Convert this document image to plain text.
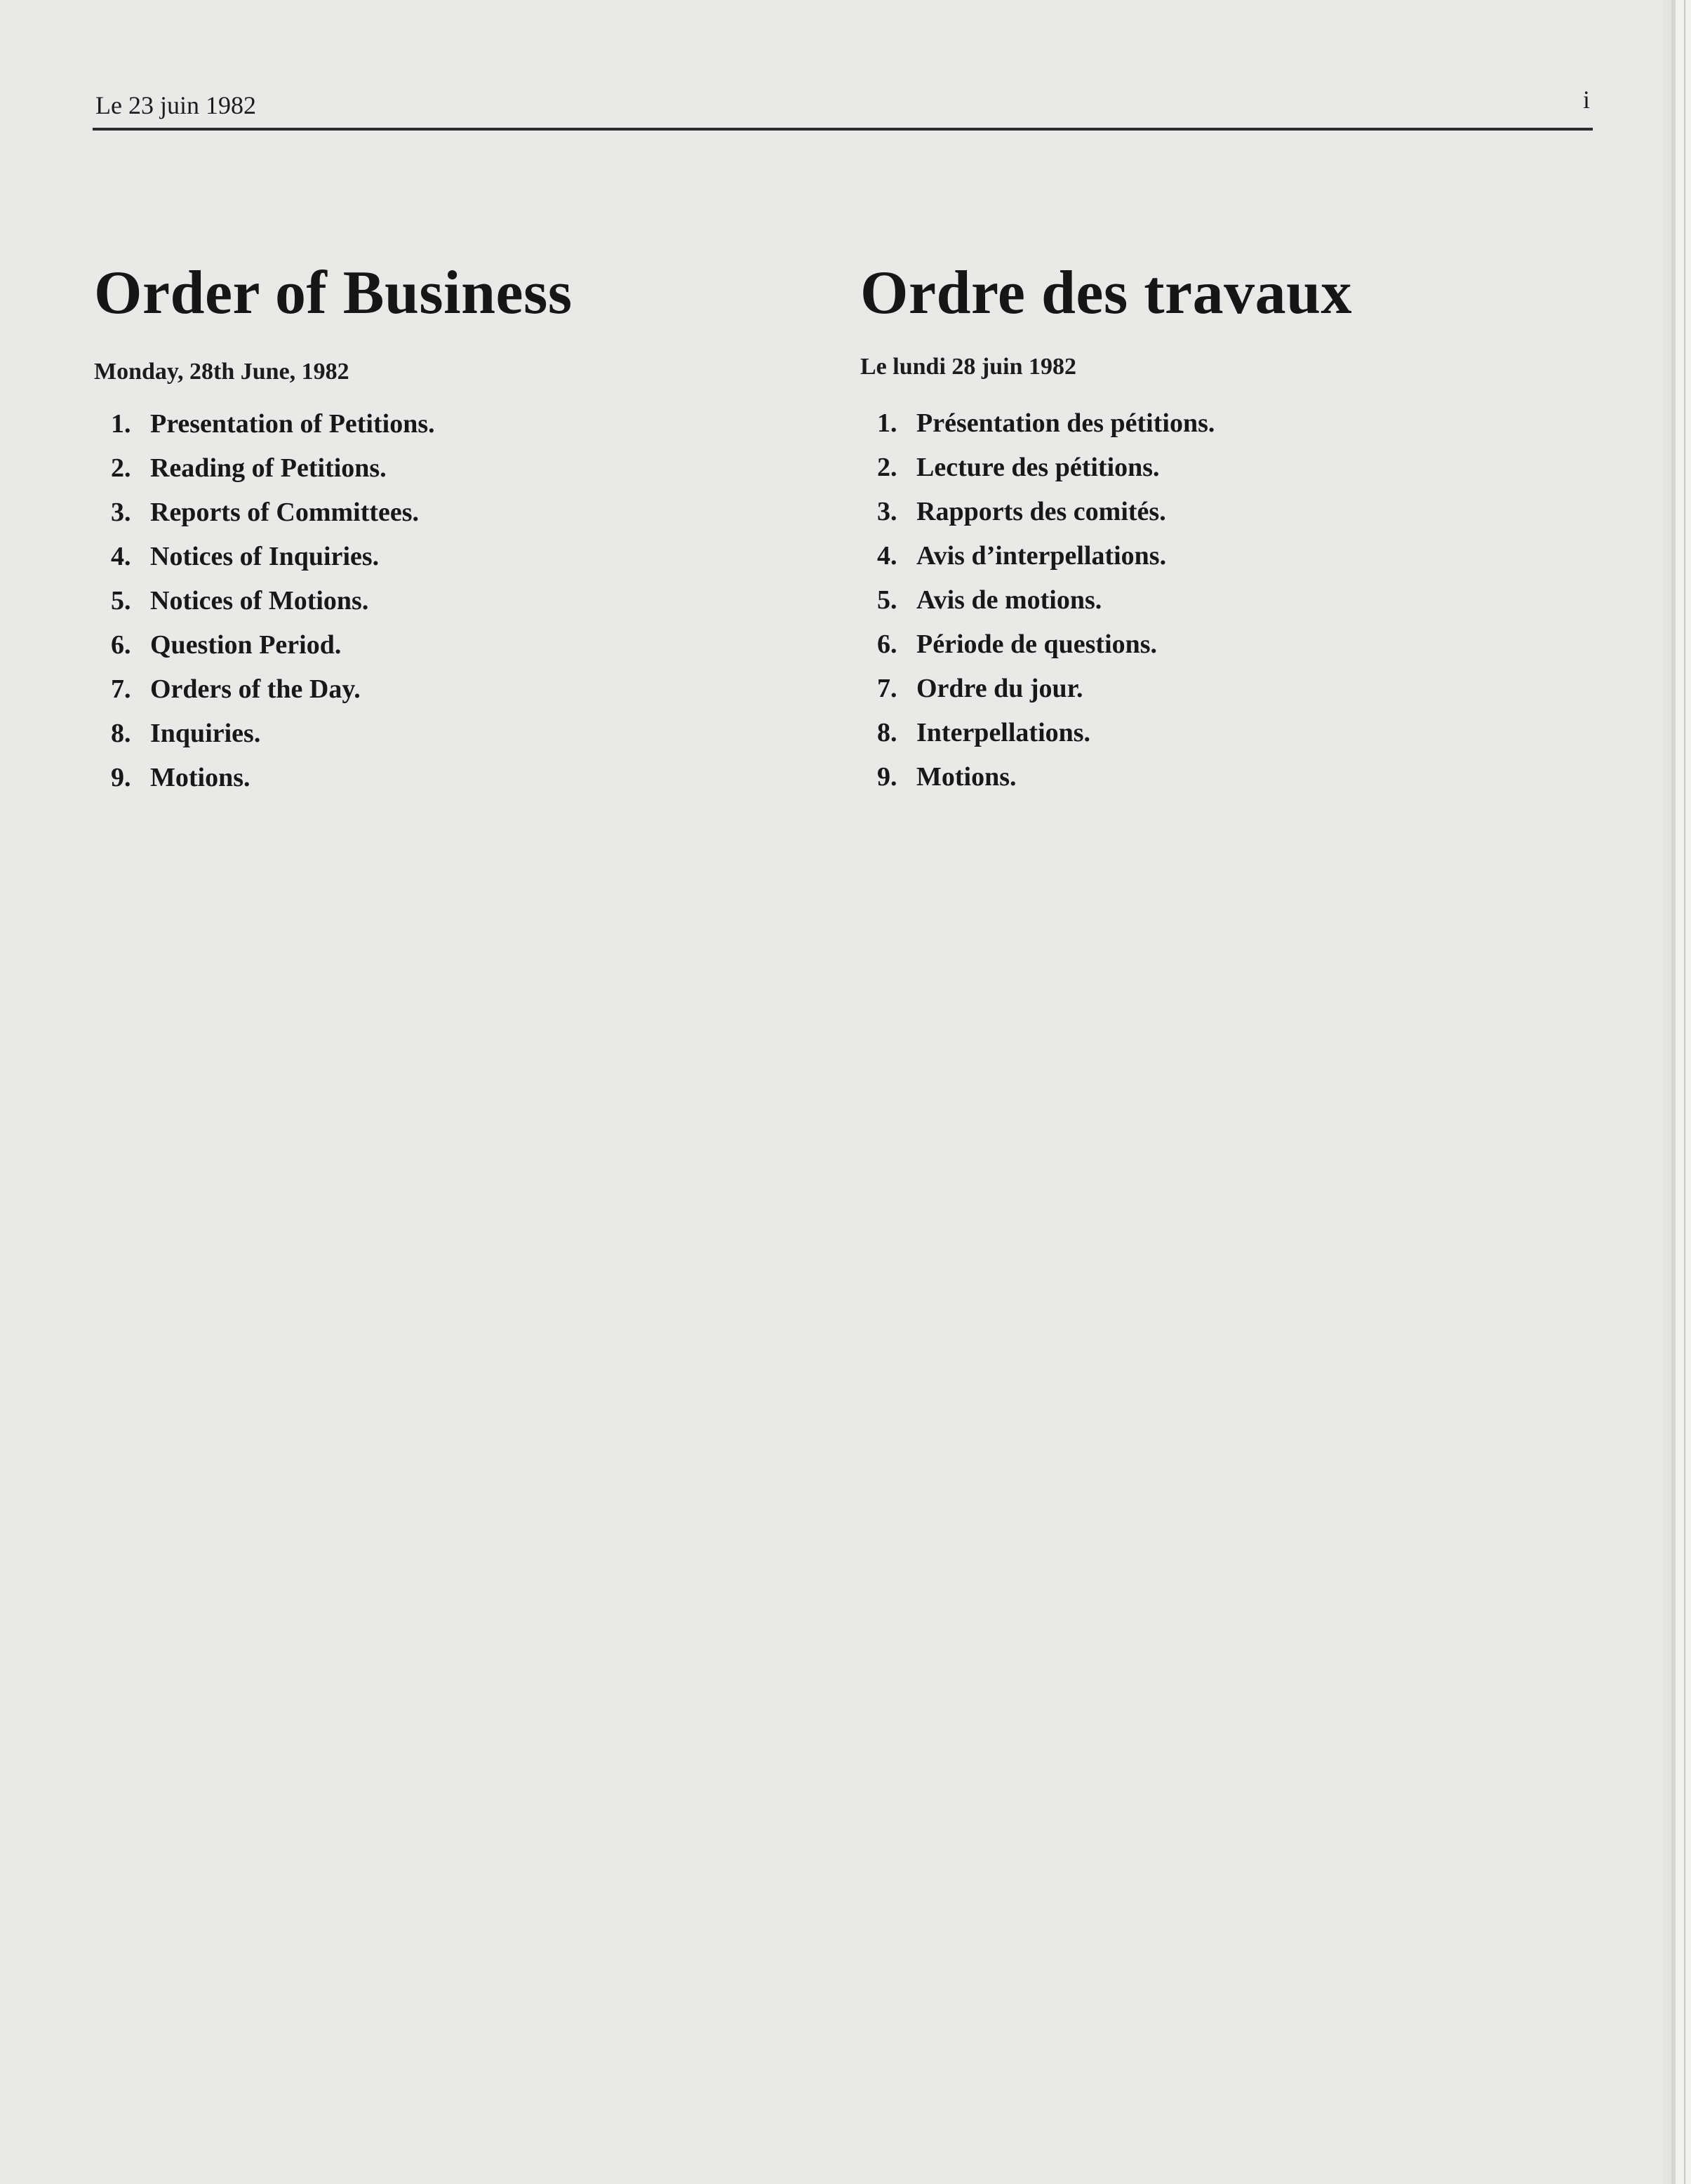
Le 23 juin 1982	i
Order of Business

Monday, 28th June, 1982

1. Presentation of Petitions.
2. Reading of Petitions.
3. Reports of Committees.
4. Notices of Inquiries.
5. Notices of Motions.
6. Question Period.
7. Orders of the Day.
8. Inquiries.
9. Motions.
Ordre des travaux

Le lundi 28 juin 1982

1. Présentation des pétitions.
2. Lecture des pétitions.
3. Rapports des comités.
4. Avis d’interpellations.
5. Avis de motions.
6. Période de questions.
7. Ordre du jour.
8. Interpellations.
9. Motions.
